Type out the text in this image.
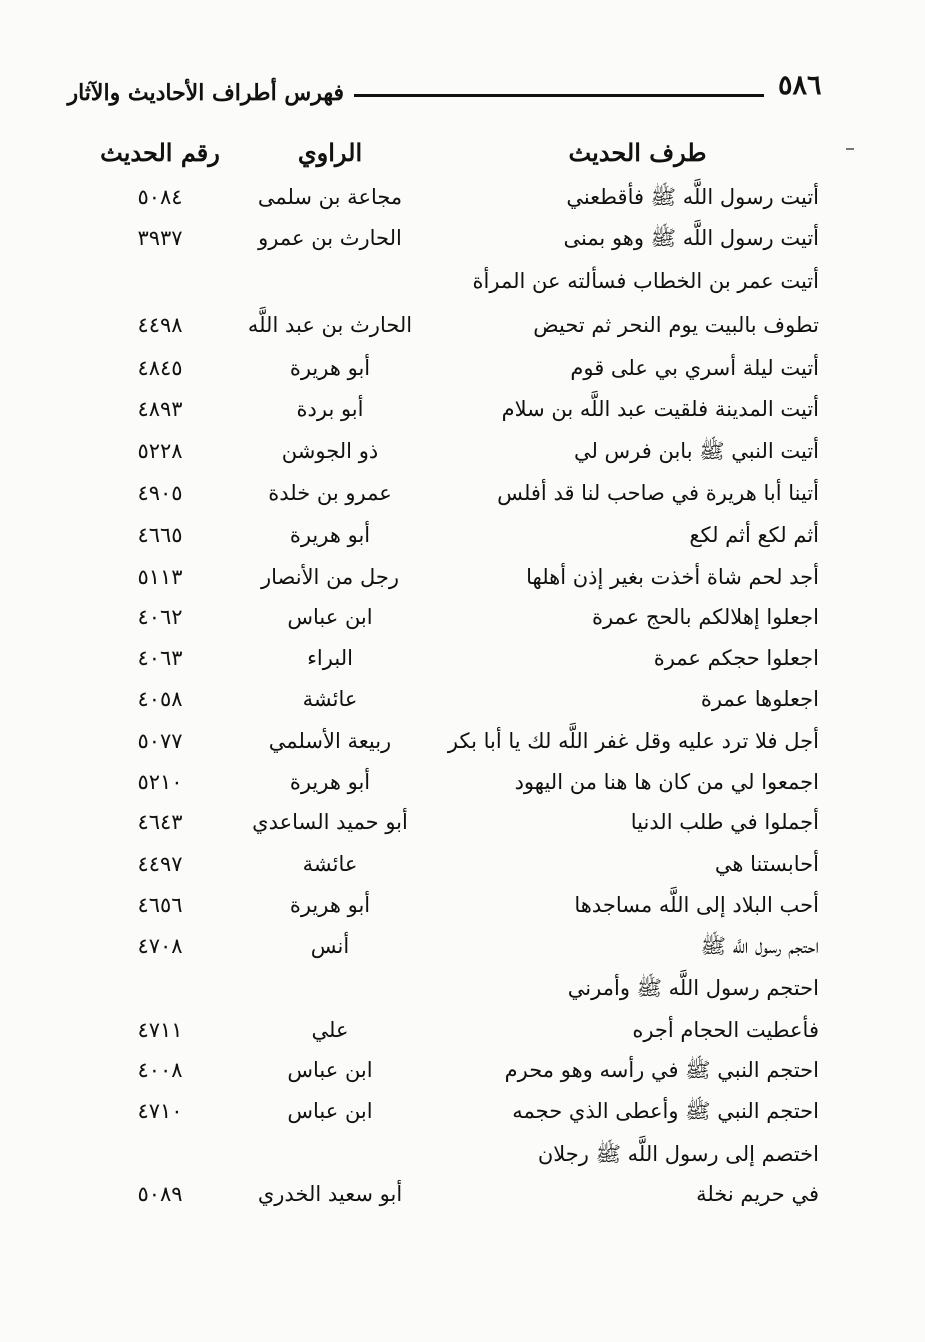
٥٨٦
فهرس أطراف الأحاديث والآثار
طرف الحديث
الراوي
رقم الحديث
أتيت رسول اللَّه ﷺ فأقطعني
مجاعة بن سلمى
٥٠٨٤
أتيت رسول اللَّه ﷺ وهو بمنى
الحارث بن عمرو
٣٩٣٧
أتيت عمر بن الخطاب فسألته عن المرأة
تطوف بالبيت يوم النحر ثم تحيض
الحارث بن عبد اللَّه
٤٤٩٨
أتيت ليلة أسري بي على قوم
أبو هريرة
٤٨٤٥
أتيت المدينة فلقيت عبد اللَّه بن سلام
أبو بردة
٤٨٩٣
أتيت النبي ﷺ بابن فرس لي
ذو الجوشن
٥٢٢٨
أتينا أبا هريرة في صاحب لنا قد أفلس
عمرو بن خلدة
٤٩٠٥
أثم لكع أثم لكع
أبو هريرة
٤٦٦٥
أجد لحم شاة أخذت بغير إذن أهلها
رجل من الأنصار
٥١١٣
اجعلوا إهلالكم بالحج عمرة
ابن عباس
٤٠٦٢
اجعلوا حجكم عمرة
البراء
٤٠٦٣
اجعلوها عمرة
عائشة
٤٠٥٨
أجل فلا ترد عليه وقل غفر اللَّه لك يا أبا بكر
ربيعة الأسلمي
٥٠٧٧
اجمعوا لي من كان ها هنا من اليهود
أبو هريرة
٥٢١٠
أجملوا في طلب الدنيا
أبو حميد الساعدي
٤٦٤٣
أحابستنا هي
عائشة
٤٤٩٧
أحب البلاد إلى اللَّه مساجدها
أبو هريرة
٤٦٥٦
احتجم رسول اللَّه ﷺ
أنس
٤٧٠٨
احتجم رسول اللَّه ﷺ وأمرني
فأعطيت الحجام أجره
علي
٤٧١١
احتجم النبي ﷺ في رأسه وهو محرم
ابن عباس
٤٠٠٨
احتجم النبي ﷺ وأعطى الذي حجمه
ابن عباس
٤٧١٠
اختصم إلى رسول اللَّه ﷺ رجلان
في حريم نخلة
أبو سعيد الخدري
٥٠٨٩
